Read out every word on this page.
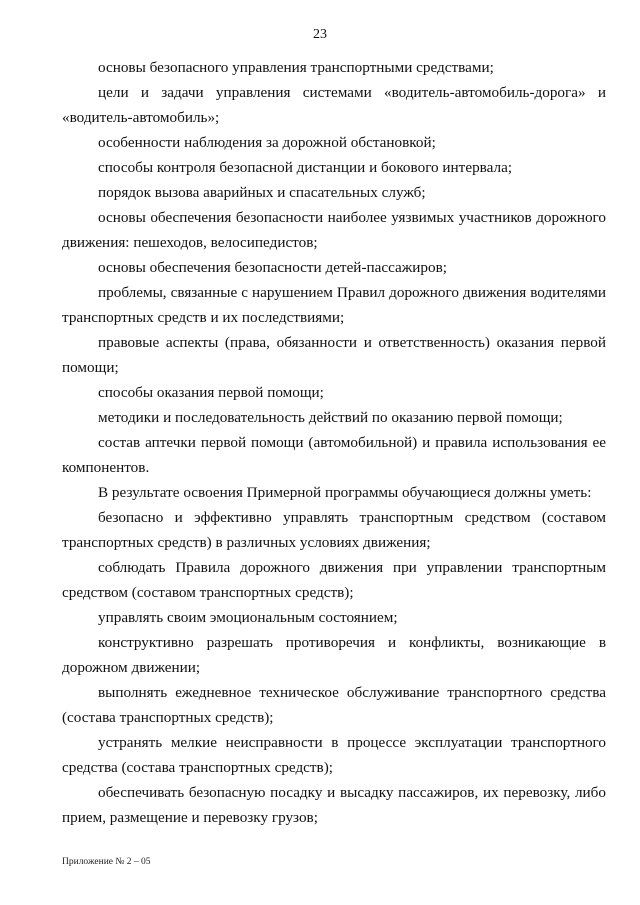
23

основы безопасного управления транспортными средствами;

цели и задачи управления системами «водитель-автомобиль-дорога» и «водитель-автомобиль»;

особенности наблюдения за дорожной обстановкой;

способы контроля безопасной дистанции и бокового интервала;

порядок вызова аварийных и спасательных служб;

основы обеспечения безопасности наиболее уязвимых участников дорожного движения: пешеходов, велосипедистов;

основы обеспечения безопасности детей-пассажиров;

проблемы, связанные с нарушением Правил дорожного движения водителями транспортных средств и их последствиями;

правовые аспекты (права, обязанности и ответственность) оказания первой помощи;

способы оказания первой помощи;

методики и последовательность действий по оказанию первой помощи;

состав аптечки первой помощи (автомобильной) и правила использования ее компонентов.

В результате освоения Примерной программы обучающиеся должны уметь:

безопасно и эффективно управлять транспортным средством (составом транспортных средств) в различных условиях движения;

соблюдать Правила дорожного движения при управлении транспортным средством (составом транспортных средств);

управлять своим эмоциональным состоянием;

конструктивно разрешать противоречия и конфликты, возникающие в дорожном движении;

выполнять ежедневное техническое обслуживание транспортного средства (состава транспортных средств);

устранять мелкие неисправности в процессе эксплуатации транспортного средства (состава транспортных средств);

обеспечивать безопасную посадку и высадку пассажиров, их перевозку, либо прием, размещение и перевозку грузов;

Приложение № 2 – 05
